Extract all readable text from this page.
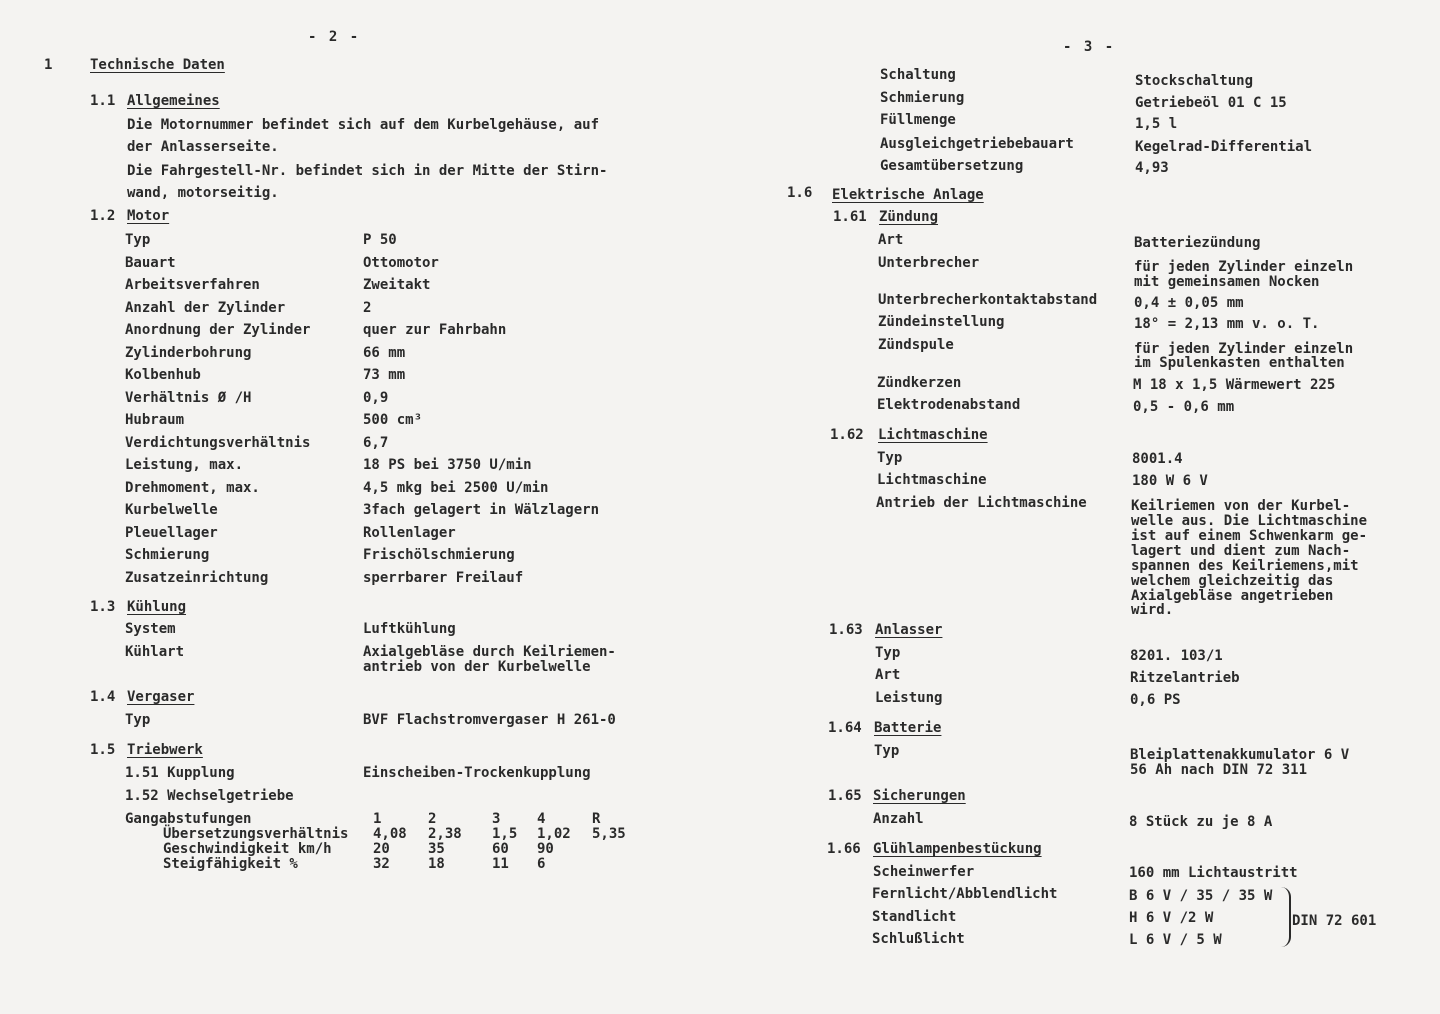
- 2 -
1	Technische Daten
1.1 Allgemeines
Die Motornummer befindet sich auf dem Kurbelgehäuse, auf
der Anlasserseite.
Die Fahrgestell-Nr. befindet sich in der Mitte der Stirn-
wand, motorseitig.
1.2 Motor
Typ	P 50
Bauart	Ottomotor
Arbeitsverfahren	Zweitakt
Anzahl der Zylinder	2
Anordnung der Zylinder	quer zur Fahrbahn
Zylinderbohrung	66 mm
Kolbenhub	73 mm
Verhältnis Ø /H	0,9
Hubraum	500 cm³
Verdichtungsverhältnis	6,7
Leistung, max.	18 PS bei 3750 U/min
Drehmoment, max.	4,5 mkg bei 2500 U/min
Kurbelwelle	3fach gelagert in Wälzlagern
Pleuellager	Rollenlager
Schmierung	Frischölschmierung
Zusatzeinrichtung	sperrbarer Freilauf
1.3 Kühlung
System	Luftkühlung
Kühlart	Axialgebläse durch Keilriemen-
antrieb von der Kurbelwelle
1.4 Vergaser
Typ	BVF Flachstromvergaser H 261-0
1.5 Triebwerk
1.51 Kupplung	Einscheiben-Trockenkupplung
1.52 Wechselgetriebe
Gangabstufungen	1	2	3	4	R
Übersetzungsverhältnis 4,08 2,38 1,5 1,02 5,35
Geschwindigkeit km/h	20	35	60 90
Steigfähigkeit %	32	18	11 6
- 3 -
Schaltung	Stockschaltung
Schmierung	Getriebeöl 01 C 15
Füllmenge	1,5 l
Ausgleichgetriebebauart	Kegelrad-Differential
Gesamtübersetzung	4,93
1.6 Elektrische Anlage
1.61 Zündung
Art	Batteriezündung
Unterbrecher	für jeden Zylinder einzeln
mit gemeinsamen Nocken
Unterbrecherkontaktabstand	0,4 ± 0,05 mm
Zündeinstellung	18° = 2,13 mm v. o. T.
Zündspule	für jeden Zylinder einzeln
im Spulenkasten enthalten
Zündkerzen	M 18 x 1,5 Wärmewert 225
Elektrodenabstand	0,5 - 0,6 mm
1.62 Lichtmaschine
Typ	8001.4
Lichtmaschine	180 W 6 V
Antrieb der Lichtmaschine	Keilriemen von der Kurbel-
welle aus. Die Lichtmaschine
ist auf einem Schwenkarm ge-
lagert und dient zum Nach-
spannen des Keilriemens,mit
welchem gleichzeitig das
Axialgebläse angetrieben
wird.
1.63 Anlasser
Typ	8201. 103/1
Art	Ritzelantrieb
Leistung	0,6 PS
1.64 Batterie
Typ	Bleiplattenakkumulator 6 V
56 Ah nach DIN 72 311
1.65 Sicherungen
Anzahl	8 Stück zu je 8 A
1.66 Glühlampenbestückung
Scheinwerfer	160 mm Lichtaustritt
Fernlicht/Abblendlicht	B 6 V / 35 / 35 W
Standlicht	H 6 V /2 W
Schlußlicht	L 6 V / 5 W
DIN 72 601
